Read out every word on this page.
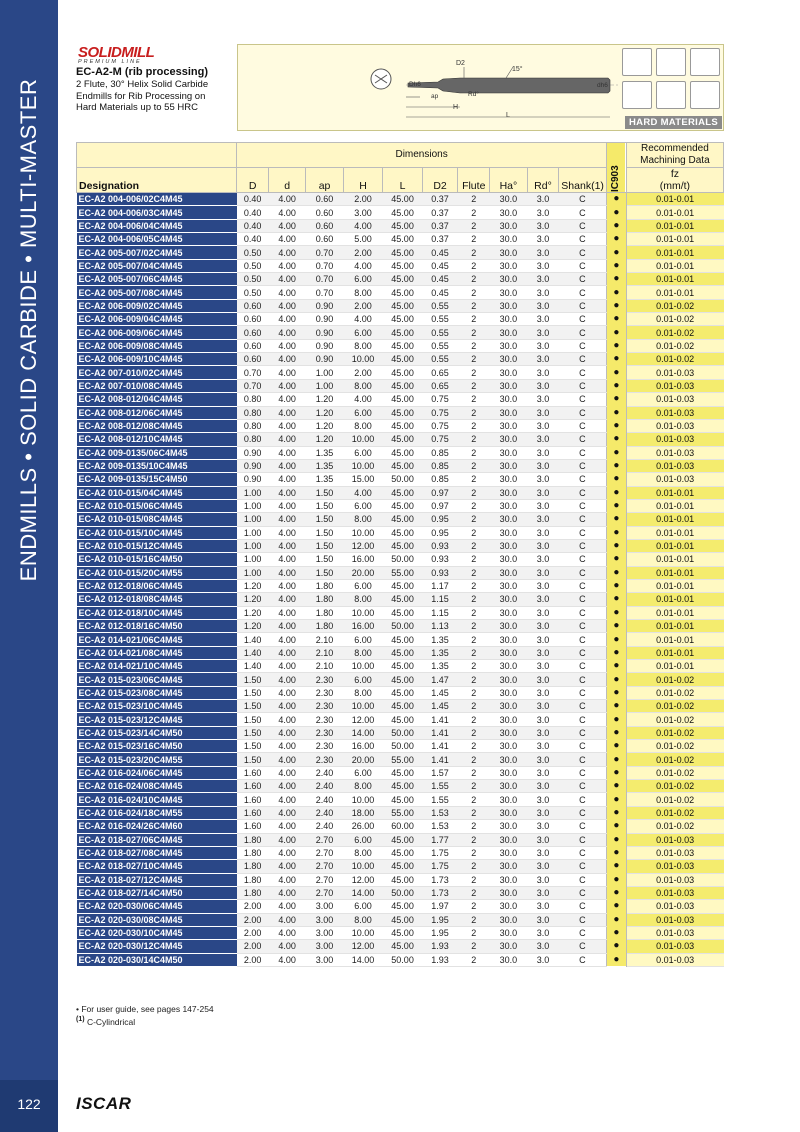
ENDMILLS • SOLID CARBIDE • MULTI-MASTER
122	ISCAR
SOLIDMILL
PREMIUM LINE
EC-A2-M (rib processing)
2 Flute, 30° Helix Solid Carbide
Endmills for Rib Processing on
Hard Materials up to 55 HRC
D2
15°
Dh6	dh6
ap	Rd°
H
L
HARD MATERIALS
	Dimensions										IC903	Recommended Machining Data
Designation	D	d	ap	H	L	D2	Flute	Ha°	Rd°	Shank(1)		fz
(mm/t)

EC-A2 004-006/02C4M45	0.40	4.00	0.60	2.00	45.00	0.37	2	30.0	3.0	C	●	0.01-0.01
EC-A2 004-006/03C4M45	0.40	4.00	0.60	3.00	45.00	0.37	2	30.0	3.0	C	●	0.01-0.01
EC-A2 004-006/04C4M45	0.40	4.00	0.60	4.00	45.00	0.37	2	30.0	3.0	C	●	0.01-0.01
EC-A2 004-006/05C4M45	0.40	4.00	0.60	5.00	45.00	0.37	2	30.0	3.0	C	●	0.01-0.01
EC-A2 005-007/02C4M45	0.50	4.00	0.70	2.00	45.00	0.45	2	30.0	3.0	C	●	0.01-0.01
EC-A2 005-007/04C4M45	0.50	4.00	0.70	4.00	45.00	0.45	2	30.0	3.0	C	●	0.01-0.01
EC-A2 005-007/06C4M45	0.50	4.00	0.70	6.00	45.00	0.45	2	30.0	3.0	C	●	0.01-0.01
EC-A2 005-007/08C4M45	0.50	4.00	0.70	8.00	45.00	0.45	2	30.0	3.0	C	●	0.01-0.01
EC-A2 006-009/02C4M45	0.60	4.00	0.90	2.00	45.00	0.55	2	30.0	3.0	C	●	0.01-0.02
EC-A2 006-009/04C4M45	0.60	4.00	0.90	4.00	45.00	0.55	2	30.0	3.0	C	●	0.01-0.02
EC-A2 006-009/06C4M45	0.60	4.00	0.90	6.00	45.00	0.55	2	30.0	3.0	C	●	0.01-0.02
EC-A2 006-009/08C4M45	0.60	4.00	0.90	8.00	45.00	0.55	2	30.0	3.0	C	●	0.01-0.02
EC-A2 006-009/10C4M45	0.60	4.00	0.90	10.00	45.00	0.55	2	30.0	3.0	C	●	0.01-0.02
EC-A2 007-010/02C4M45	0.70	4.00	1.00	2.00	45.00	0.65	2	30.0	3.0	C	●	0.01-0.03
EC-A2 007-010/08C4M45	0.70	4.00	1.00	8.00	45.00	0.65	2	30.0	3.0	C	●	0.01-0.03
EC-A2 008-012/04C4M45	0.80	4.00	1.20	4.00	45.00	0.75	2	30.0	3.0	C	●	0.01-0.03
EC-A2 008-012/06C4M45	0.80	4.00	1.20	6.00	45.00	0.75	2	30.0	3.0	C	●	0.01-0.03
EC-A2 008-012/08C4M45	0.80	4.00	1.20	8.00	45.00	0.75	2	30.0	3.0	C	●	0.01-0.03
EC-A2 008-012/10C4M45	0.80	4.00	1.20	10.00	45.00	0.75	2	30.0	3.0	C	●	0.01-0.03
EC-A2 009-0135/06C4M45	0.90	4.00	1.35	6.00	45.00	0.85	2	30.0	3.0	C	●	0.01-0.03
EC-A2 009-0135/10C4M45	0.90	4.00	1.35	10.00	45.00	0.85	2	30.0	3.0	C	●	0.01-0.03
EC-A2 009-0135/15C4M50	0.90	4.00	1.35	15.00	50.00	0.85	2	30.0	3.0	C	●	0.01-0.03
EC-A2 010-015/04C4M45	1.00	4.00	1.50	4.00	45.00	0.97	2	30.0	3.0	C	●	0.01-0.01
EC-A2 010-015/06C4M45	1.00	4.00	1.50	6.00	45.00	0.97	2	30.0	3.0	C	●	0.01-0.01
EC-A2 010-015/08C4M45	1.00	4.00	1.50	8.00	45.00	0.95	2	30.0	3.0	C	●	0.01-0.01
EC-A2 010-015/10C4M45	1.00	4.00	1.50	10.00	45.00	0.95	2	30.0	3.0	C	●	0.01-0.01
EC-A2 010-015/12C4M45	1.00	4.00	1.50	12.00	45.00	0.93	2	30.0	3.0	C	●	0.01-0.01
EC-A2 010-015/16C4M50	1.00	4.00	1.50	16.00	50.00	0.93	2	30.0	3.0	C	●	0.01-0.01
EC-A2 010-015/20C4M55	1.00	4.00	1.50	20.00	55.00	0.93	2	30.0	3.0	C	●	0.01-0.01
EC-A2 012-018/06C4M45	1.20	4.00	1.80	6.00	45.00	1.17	2	30.0	3.0	C	●	0.01-0.01
EC-A2 012-018/08C4M45	1.20	4.00	1.80	8.00	45.00	1.15	2	30.0	3.0	C	●	0.01-0.01
EC-A2 012-018/10C4M45	1.20	4.00	1.80	10.00	45.00	1.15	2	30.0	3.0	C	●	0.01-0.01
EC-A2 012-018/16C4M50	1.20	4.00	1.80	16.00	50.00	1.13	2	30.0	3.0	C	●	0.01-0.01
EC-A2 014-021/06C4M45	1.40	4.00	2.10	6.00	45.00	1.35	2	30.0	3.0	C	●	0.01-0.01
EC-A2 014-021/08C4M45	1.40	4.00	2.10	8.00	45.00	1.35	2	30.0	3.0	C	●	0.01-0.01
EC-A2 014-021/10C4M45	1.40	4.00	2.10	10.00	45.00	1.35	2	30.0	3.0	C	●	0.01-0.01
EC-A2 015-023/06C4M45	1.50	4.00	2.30	6.00	45.00	1.47	2	30.0	3.0	C	●	0.01-0.02
EC-A2 015-023/08C4M45	1.50	4.00	2.30	8.00	45.00	1.45	2	30.0	3.0	C	●	0.01-0.02
EC-A2 015-023/10C4M45	1.50	4.00	2.30	10.00	45.00	1.45	2	30.0	3.0	C	●	0.01-0.02
EC-A2 015-023/12C4M45	1.50	4.00	2.30	12.00	45.00	1.41	2	30.0	3.0	C	●	0.01-0.02
EC-A2 015-023/14C4M50	1.50	4.00	2.30	14.00	50.00	1.41	2	30.0	3.0	C	●	0.01-0.02
EC-A2 015-023/16C4M50	1.50	4.00	2.30	16.00	50.00	1.41	2	30.0	3.0	C	●	0.01-0.02
EC-A2 015-023/20C4M55	1.50	4.00	2.30	20.00	55.00	1.41	2	30.0	3.0	C	●	0.01-0.02
EC-A2 016-024/06C4M45	1.60	4.00	2.40	6.00	45.00	1.57	2	30.0	3.0	C	●	0.01-0.02
EC-A2 016-024/08C4M45	1.60	4.00	2.40	8.00	45.00	1.55	2	30.0	3.0	C	●	0.01-0.02
EC-A2 016-024/10C4M45	1.60	4.00	2.40	10.00	45.00	1.55	2	30.0	3.0	C	●	0.01-0.02
EC-A2 016-024/18C4M55	1.60	4.00	2.40	18.00	55.00	1.53	2	30.0	3.0	C	●	0.01-0.02
EC-A2 016-024/26C4M60	1.60	4.00	2.40	26.00	60.00	1.53	2	30.0	3.0	C	●	0.01-0.02
EC-A2 018-027/06C4M45	1.80	4.00	2.70	6.00	45.00	1.77	2	30.0	3.0	C	●	0.01-0.03
EC-A2 018-027/08C4M45	1.80	4.00	2.70	8.00	45.00	1.75	2	30.0	3.0	C	●	0.01-0.03
EC-A2 018-027/10C4M45	1.80	4.00	2.70	10.00	45.00	1.75	2	30.0	3.0	C	●	0.01-0.03
EC-A2 018-027/12C4M45	1.80	4.00	2.70	12.00	45.00	1.73	2	30.0	3.0	C	●	0.01-0.03
EC-A2 018-027/14C4M50	1.80	4.00	2.70	14.00	50.00	1.73	2	30.0	3.0	C	●	0.01-0.03
EC-A2 020-030/06C4M45	2.00	4.00	3.00	6.00	45.00	1.97	2	30.0	3.0	C	●	0.01-0.03
EC-A2 020-030/08C4M45	2.00	4.00	3.00	8.00	45.00	1.95	2	30.0	3.0	C	●	0.01-0.03
EC-A2 020-030/10C4M45	2.00	4.00	3.00	10.00	45.00	1.95	2	30.0	3.0	C	●	0.01-0.03
EC-A2 020-030/12C4M45	2.00	4.00	3.00	12.00	45.00	1.93	2	30.0	3.0	C	●	0.01-0.03
EC-A2 020-030/14C4M50	2.00	4.00	3.00	14.00	50.00	1.93	2	30.0	3.0	C	●	0.01-0.03
• For user guide, see pages 147-254
$^{(1)}$ C-Cylindrical
